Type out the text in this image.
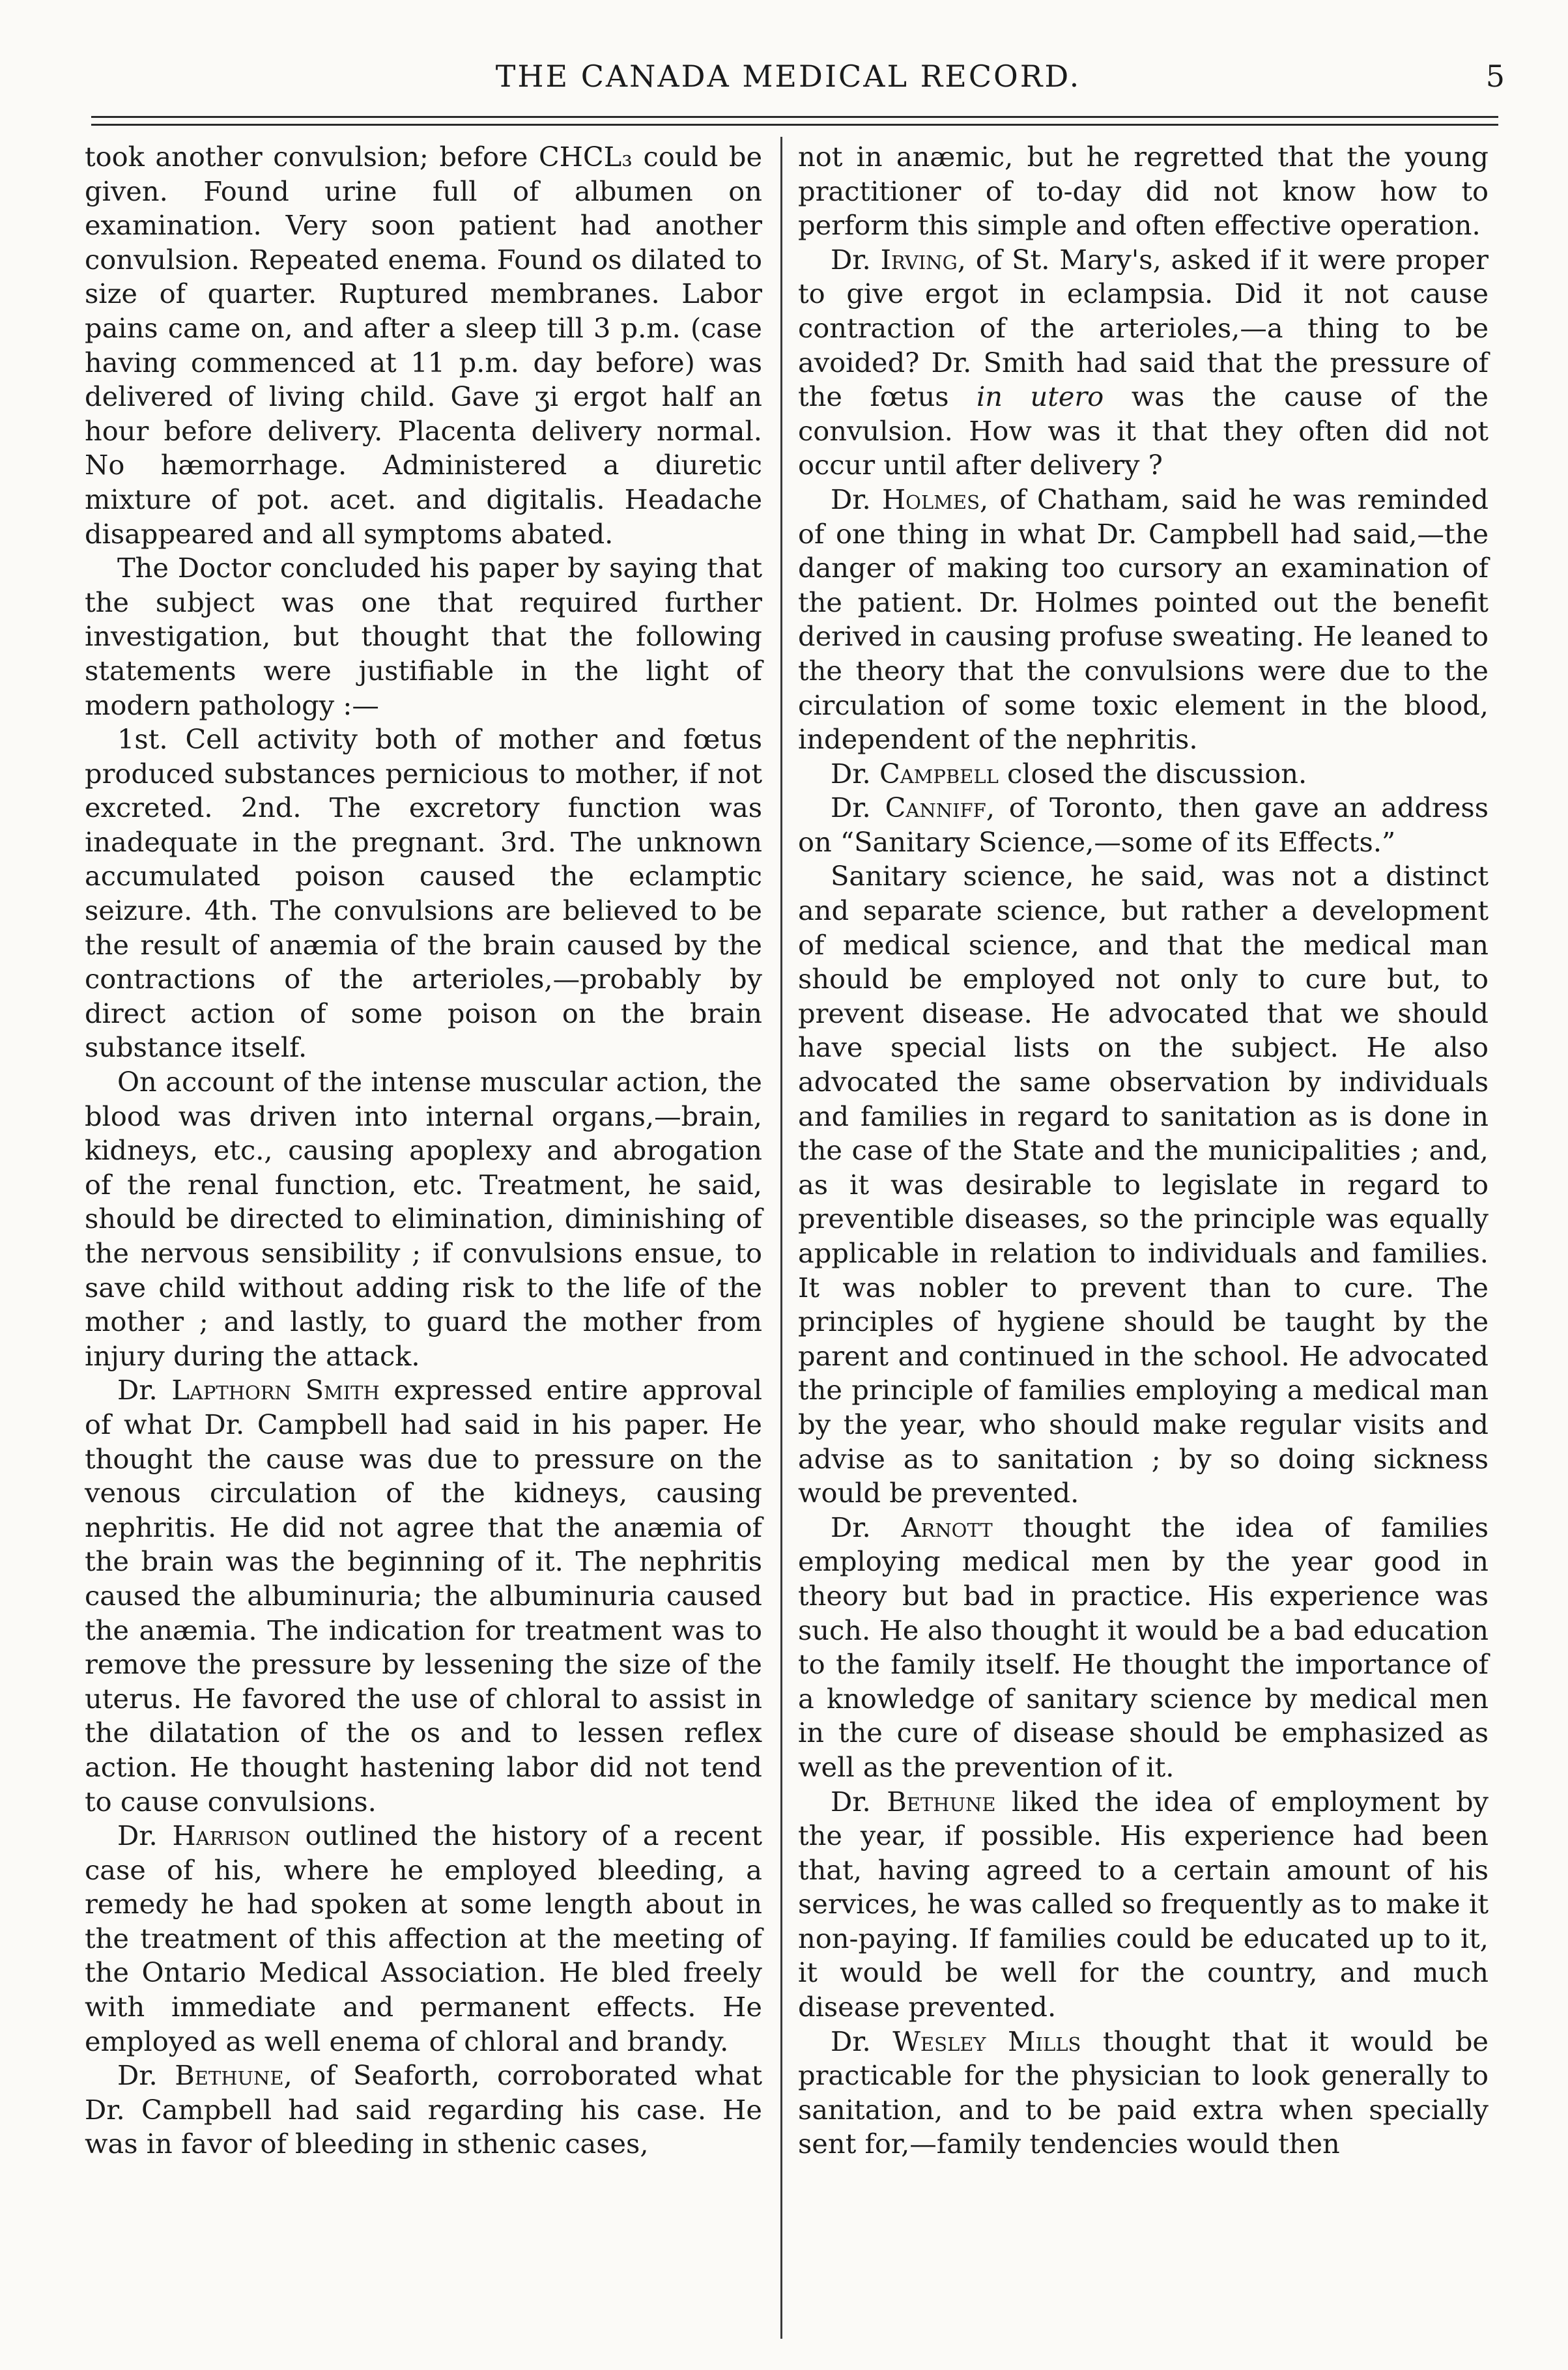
THE CANADA MEDICAL RECORD.	5

took another convulsion; before CHCL₃ could be given. Found urine full of albumen on examination. Very soon patient had another convulsion. Repeated enema. Found os dilated to size of quarter. Ruptured membranes. Labor pains came on, and after a sleep till 3 p.m. (case having commenced at 11 p.m. day before) was delivered of living child. Gave ʒi ergot half an hour before delivery. Placenta delivery normal. No hæmorrhage. Administered a diuretic mixture of pot. acet. and digitalis. Headache disappeared and all symptoms abated.

The Doctor concluded his paper by saying that the subject was one that required further investigation, but thought that the following statements were justifiable in the light of modern pathology :—

1st. Cell activity both of mother and fœtus produced substances pernicious to mother, if not excreted. 2nd. The excretory function was inadequate in the pregnant. 3rd. The unknown accumulated poison caused the eclamptic seizure. 4th. The convulsions are believed to be the result of anæmia of the brain caused by the contractions of the arterioles,—probably by direct action of some poison on the brain substance itself.

On account of the intense muscular action, the blood was driven into internal organs,—brain, kidneys, etc., causing apoplexy and abrogation of the renal function, etc. Treatment, he said, should be directed to elimination, diminishing of the nervous sensibility ; if convulsions ensue, to save child without adding risk to the life of the mother ; and lastly, to guard the mother from injury during the attack.

Dr. Lapthorn Smith expressed entire approval of what Dr. Campbell had said in his paper. He thought the cause was due to pressure on the venous circulation of the kidneys, causing nephritis. He did not agree that the anæmia of the brain was the beginning of it. The nephritis caused the albuminuria; the albuminuria caused the anæmia. The indication for treatment was to remove the pressure by lessening the size of the uterus. He favored the use of chloral to assist in the dilatation of the os and to lessen reflex action. He thought hastening labor did not tend to cause convulsions.

Dr. Harrison outlined the history of a recent case of his, where he employed bleeding, a remedy he had spoken at some length about in the treatment of this affection at the meeting of the Ontario Medical Association. He bled freely with immediate and permanent effects. He employed as well enema of chloral and brandy.

Dr. Bethune, of Seaforth, corroborated what Dr. Campbell had said regarding his case. He was in favor of bleeding in sthenic cases,

not in anæmic, but he regretted that the young practitioner of to-day did not know how to perform this simple and often effective operation.

Dr. Irving, of St. Mary's, asked if it were proper to give ergot in eclampsia. Did it not cause contraction of the arterioles,—a thing to be avoided? Dr. Smith had said that the pressure of the fœtus in utero was the cause of the convulsion. How was it that they often did not occur until after delivery ?

Dr. Holmes, of Chatham, said he was reminded of one thing in what Dr. Campbell had said,—the danger of making too cursory an examination of the patient. Dr. Holmes pointed out the benefit derived in causing profuse sweating. He leaned to the theory that the convulsions were due to the circulation of some toxic element in the blood, independent of the nephritis.

Dr. Campbell closed the discussion.

Dr. Canniff, of Toronto, then gave an address on “Sanitary Science,—some of its Effects.”

Sanitary science, he said, was not a distinct and separate science, but rather a development of medical science, and that the medical man should be employed not only to cure but, to prevent disease. He advocated that we should have special lists on the subject. He also advocated the same observation by individuals and families in regard to sanitation as is done in the case of the State and the municipalities ; and, as it was desirable to legislate in regard to preventible diseases, so the principle was equally applicable in relation to individuals and families. It was nobler to prevent than to cure. The principles of hygiene should be taught by the parent and continued in the school. He advocated the principle of families employing a medical man by the year, who should make regular visits and advise as to sanitation ; by so doing sickness would be prevented.

Dr. Arnott thought the idea of families employing medical men by the year good in theory but bad in practice. His experience was such. He also thought it would be a bad education to the family itself. He thought the importance of a knowledge of sanitary science by medical men in the cure of disease should be emphasized as well as the prevention of it.

Dr. Bethune liked the idea of employment by the year, if possible. His experience had been that, having agreed to a certain amount of his services, he was called so frequently as to make it non-paying. If families could be educated up to it, it would be well for the country, and much disease prevented.

Dr. Wesley Mills thought that it would be practicable for the physician to look generally to sanitation, and to be paid extra when specially sent for,—family tendencies would then
